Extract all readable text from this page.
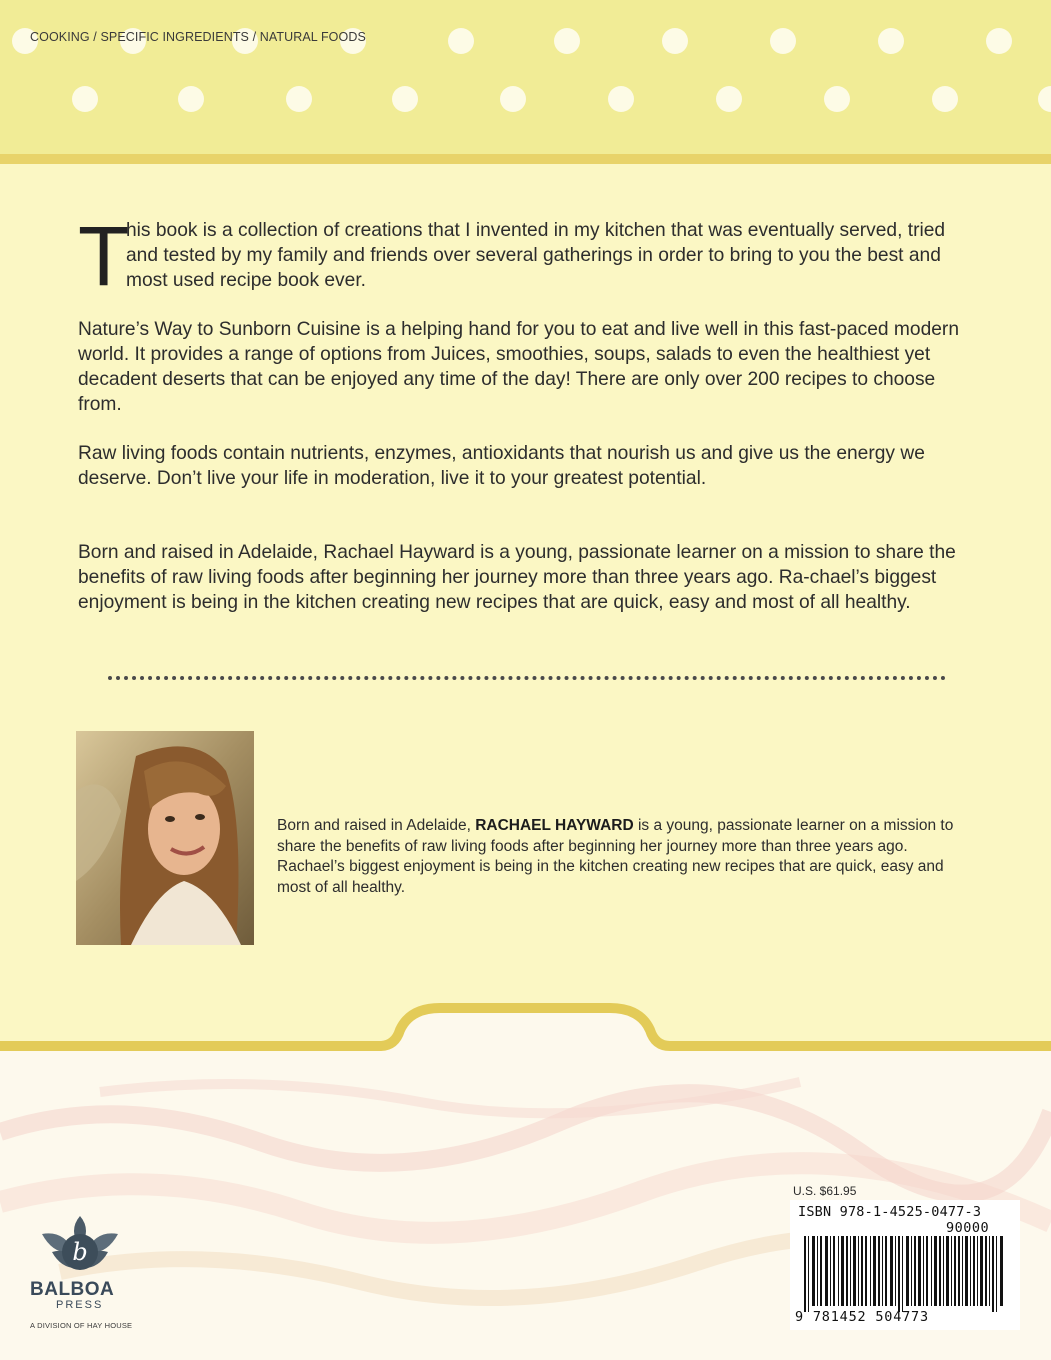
COOKING / SPECIFIC INGREDIENTS / NATURAL FOODS
T

his book is a collection of creations that I invented in my kitchen that was eventually served, tried and tested by my family and friends over several gatherings in order to bring to you the best and most used recipe book ever.

Nature’s Way to Sunborn Cuisine is a helping hand for you to eat and live well in this fast-paced modern world. It provides a range of options from Juices, smoothies, soups, salads to even the healthiest yet decadent deserts that can be enjoyed any time of the day! There are only over 200 recipes to choose from.

Raw living foods contain nutrients, enzymes, antioxidants that nourish us and give us the energy we deserve. Don’t live your life in moderation, live it to your greatest potential.

Born and raised in Adelaide, Rachael Hayward is a young, passionate learner on a mission to share the benefits of raw living foods after beginning her journey more than three years ago. Ra-chael’s biggest enjoyment is being in the kitchen creating new recipes that are quick, easy and most of all healthy.

Born and raised in Adelaide, RACHAEL HAYWARD is a young, passionate learner on a mission to share the benefits of raw living foods after beginning her journey more than three years ago. Rachael’s biggest enjoyment is being in the kitchen creating new recipes that are quick, easy and most of all healthy.

b
BALBOA
PRESS
A DIVISION OF HAY HOUSE
U.S. $61.95
ISBN 978-1-4525-0477-3
90000
9 781452 504773
